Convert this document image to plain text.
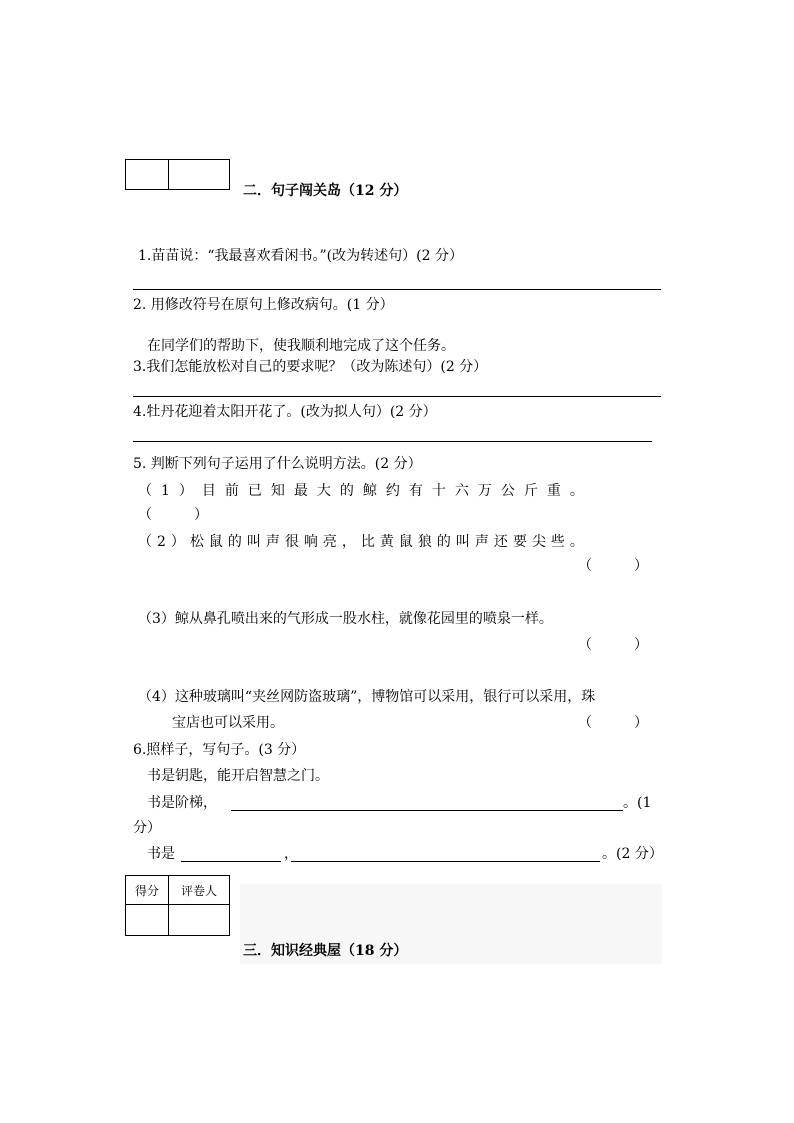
二．句子闯关岛（12 分）
1.苗苗说：“我最喜欢看闲书。”(改为转述句）(2 分）
2. 用修改符号在原句上修改病句。(1 分）
在同学们的帮助下，使我顺利地完成了这个任务。
3.我们怎能放松对自己的要求呢？（改为陈述句）(2 分）
4.牡丹花迎着太阳开花了。(改为拟人句）(2 分）
5. 判断下列句子运用了什么说明方法。(2 分）
（1）目前已知最大的鲸约有十六万公斤重。
（　　　）
（2）松鼠的叫声很响亮，比黄鼠狼的叫声还要尖些。
（　　　）
（3）鲸从鼻孔喷出来的气形成一股水柱，就像花园里的喷泉一样。
（　　　）
（4）这种玻璃叫“夹丝网防盗玻璃”，博物馆可以采用，银行可以采用，珠
宝店也可以采用。	（　　　）
6.照样子，写句子。(3 分）
书是钥匙，能开启智慧之门。
书是阶梯，	。(1
分）
书是	，	。(2 分）
得分	评卷人

三．知识经典屋（18 分）
